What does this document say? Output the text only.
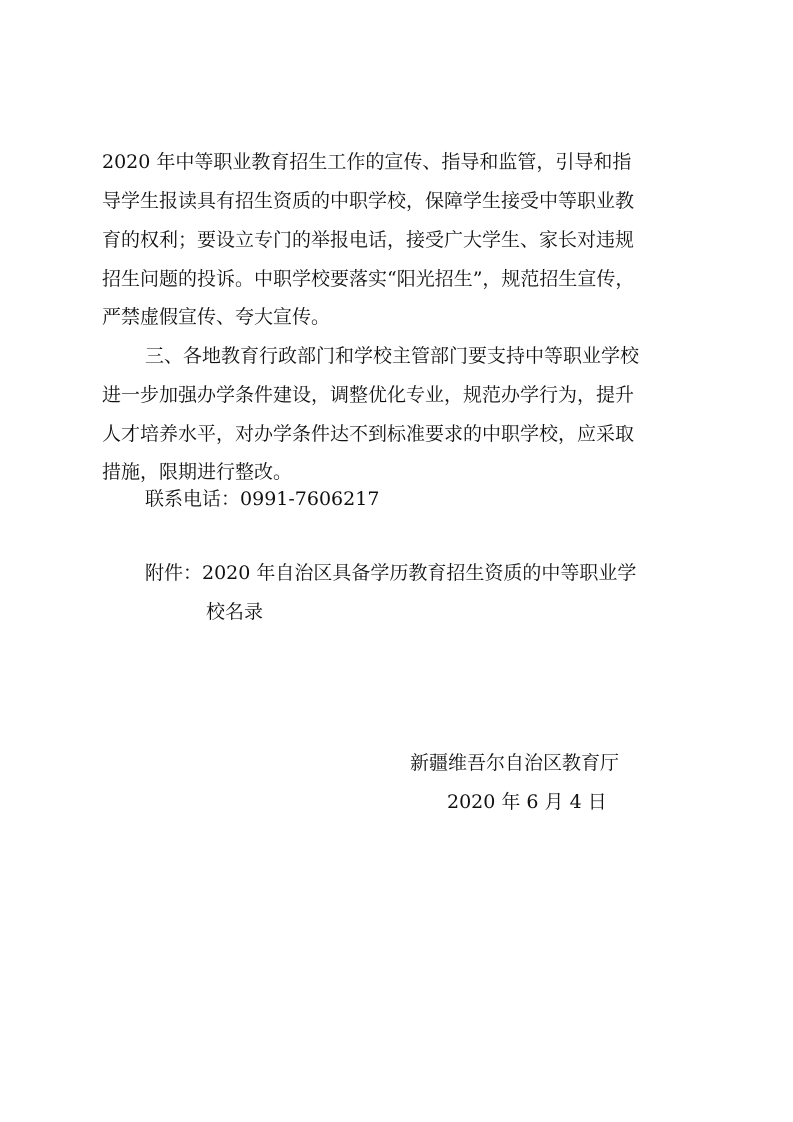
2020 年中等职业教育招生工作的宣传、指导和监管，引导和指
导学生报读具有招生资质的中职学校，保障学生接受中等职业教
育的权利；要设立专门的举报电话，接受广大学生、家长对违规
招生问题的投诉。中职学校要落实“阳光招生”，规范招生宣传，
严禁虚假宣传、夸大宣传。
三、各地教育行政部门和学校主管部门要支持中等职业学校
进一步加强办学条件建设，调整优化专业，规范办学行为，提升
人才培养水平，对办学条件达不到标准要求的中职学校，应采取
措施，限期进行整改。
联系电话：0991-7606217
附件：2020 年自治区具备学历教育招生资质的中等职业学
校名录
新疆维吾尔自治区教育厅
2020 年 6 月 4 日
